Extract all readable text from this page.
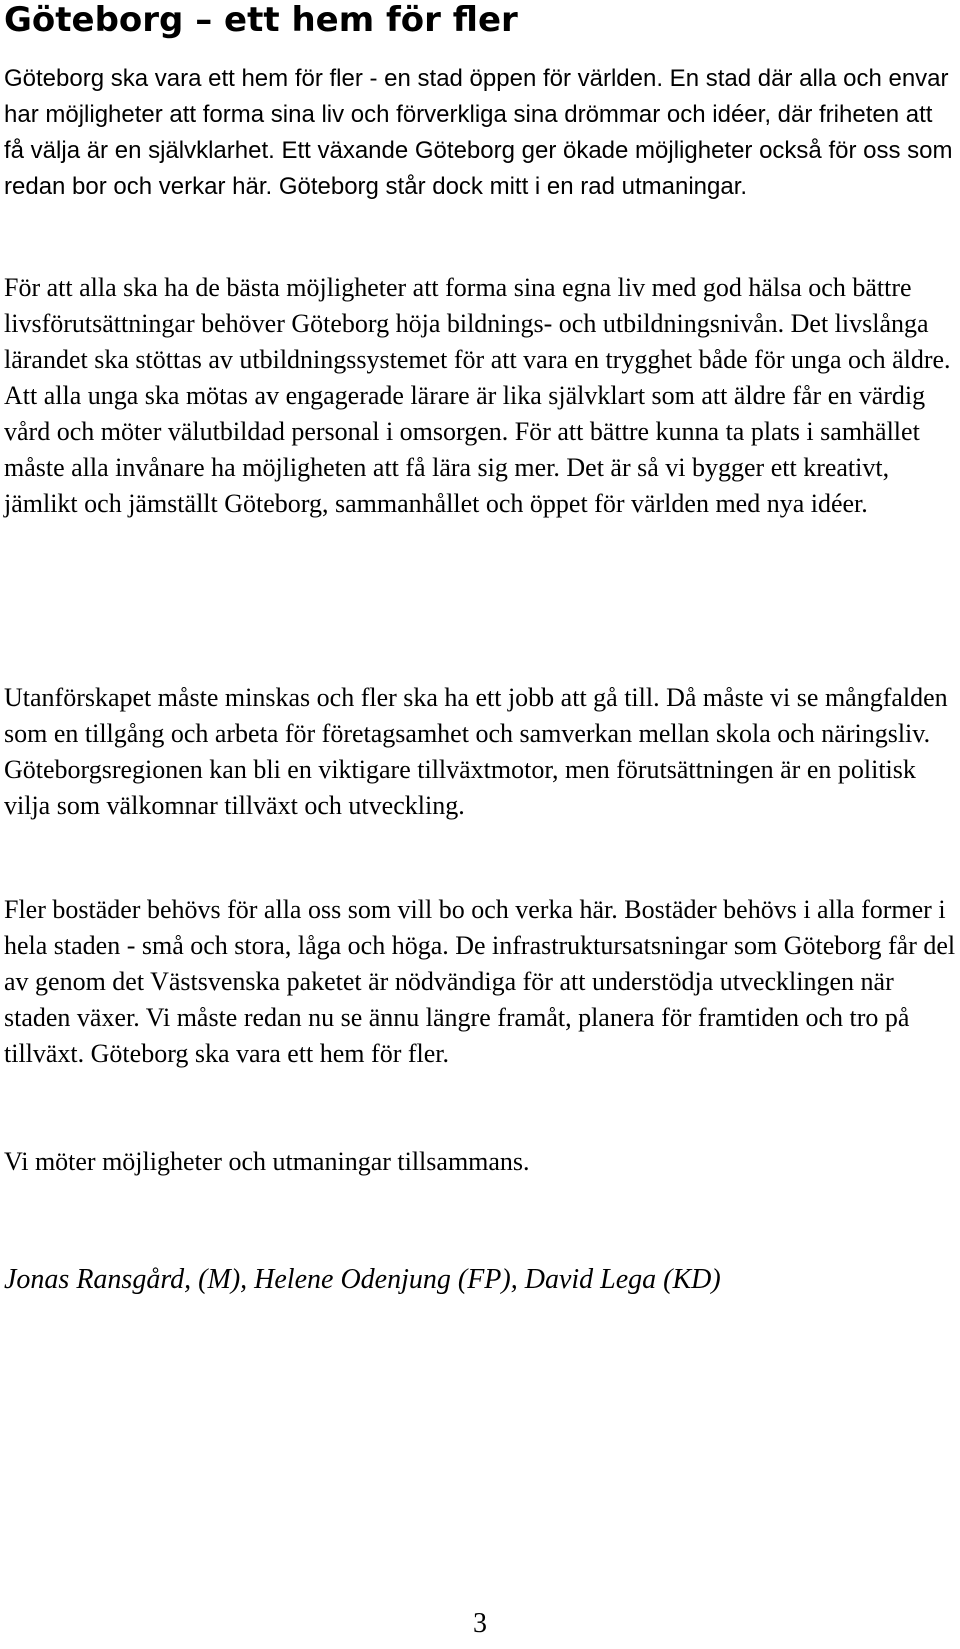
Göteborg – ett hem för fler

Göteborg ska vara ett hem för fler - en stad öppen för världen. En stad där alla och envar har möjligheter att forma sina liv och förverkliga sina drömmar och idéer, där friheten att få välja är en självklarhet. Ett växande Göteborg ger ökade möjligheter också för oss som redan bor och verkar här. Göteborg står dock mitt i en rad utmaningar.

För att alla ska ha de bästa möjligheter att forma sina egna liv med god hälsa och bättre livsförutsättningar behöver Göteborg höja bildnings- och utbildningsnivån. Det livslånga lärandet ska stöttas av utbildningssystemet för att vara en trygghet både för unga och äldre. Att alla unga ska mötas av engagerade lärare är lika självklart som att äldre får en värdig vård och möter välutbildad personal i omsorgen. För att bättre kunna ta plats i samhället måste alla invånare ha möjligheten att få lära sig mer. Det är så vi bygger ett kreativt, jämlikt och jämställt Göteborg, sammanhållet och öppet för världen med nya idéer.

Utanförskapet måste minskas och fler ska ha ett jobb att gå till. Då måste vi se mångfalden som en tillgång och arbeta för företagsamhet och samverkan mellan skola och näringsliv. Göteborgsregionen kan bli en viktigare tillväxtmotor, men förutsättningen är en politisk vilja som välkomnar tillväxt och utveckling.

Fler bostäder behövs för alla oss som vill bo och verka här. Bostäder behövs i alla former i hela staden - små och stora, låga och höga. De infrastruktursatsningar som Göteborg får del av genom det Västsvenska paketet är nödvändiga för att understödja utvecklingen när staden växer. Vi måste redan nu se ännu längre framåt, planera för framtiden och tro på tillväxt. Göteborg ska vara ett hem för fler.

Vi möter möjligheter och utmaningar tillsammans.

Jonas Ransgård, (M), Helene Odenjung (FP), David Lega (KD)

3
